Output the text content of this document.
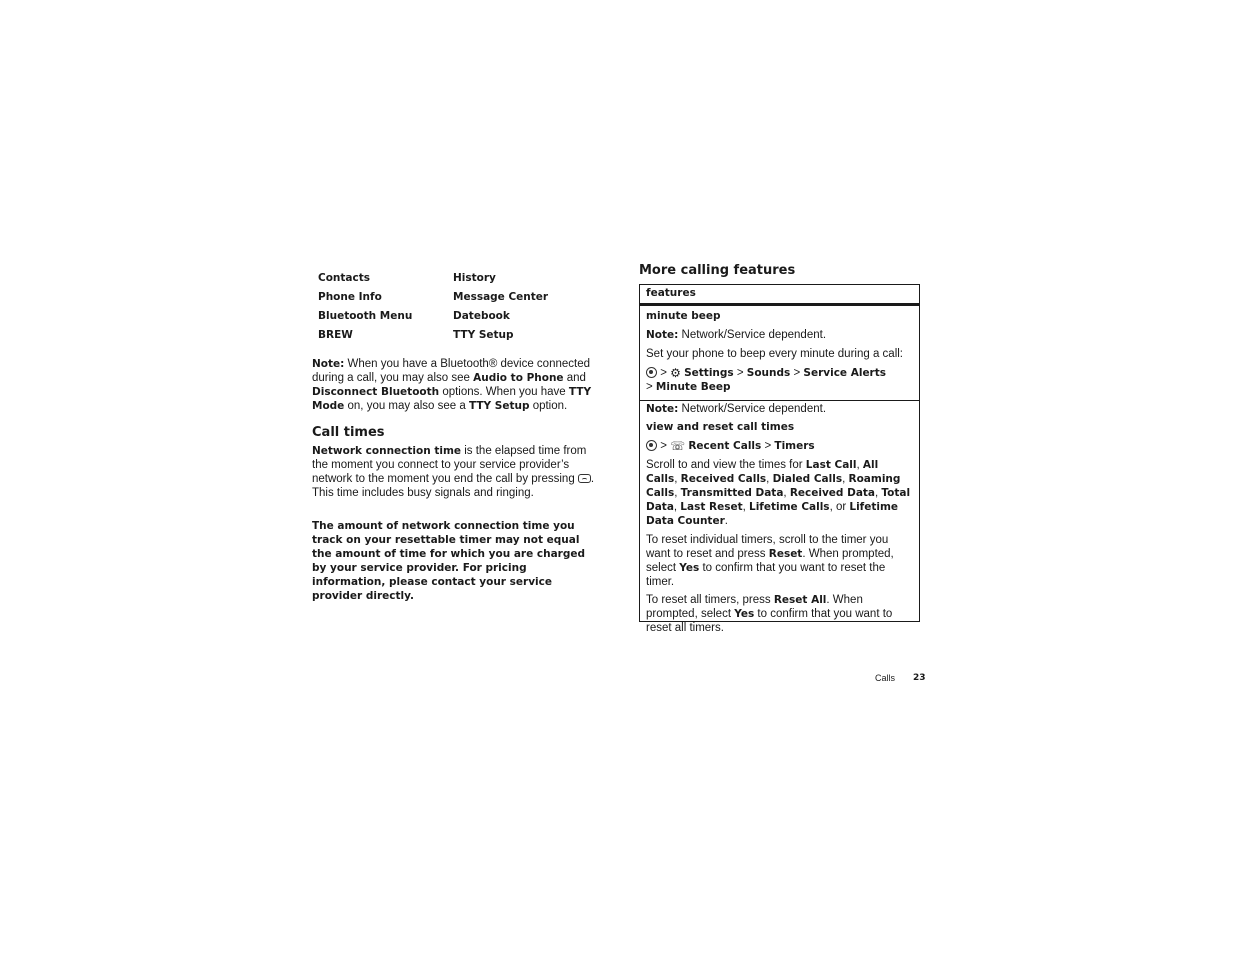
Contacts	History
Phone Info	Message Center
Bluetooth Menu	Datebook
BREW	TTY Setup

Note: When you have a Bluetooth® device connected during a call, you may also see Audio to Phone and Disconnect Bluetooth options. When you have TTY Mode on, you may also see a TTY Setup option.

Call times

Network connection time is the elapsed time from the moment you connect to your service provider’s network to the moment you end the call by pressing . This time includes busy signals and ringing.

The amount of network connection time you track on your resettable timer may not equal the amount of time for which you are charged by your service provider. For pricing information, please contact your service provider directly.

More calling features
features

minute beep

Note: Network/Service dependent.

Set your phone to beep every minute during a call:

> ⚙ Settings > Sounds > Service Alerts
> Minute Beep

Note: Network/Service dependent.

view and reset call times

> ☏ Recent Calls > Timers

Scroll to and view the times for Last Call, All Calls, Received Calls, Dialed Calls, Roaming Calls, Transmitted Data, Received Data, Total Data, Last Reset, Lifetime Calls, or Lifetime Data Counter.

To reset individual timers, scroll to the timer you want to reset and press Reset. When prompted, select Yes to confirm that you want to reset the timer.

To reset all timers, press Reset All. When prompted, select Yes to confirm that you want to reset all timers.

Calls 23
